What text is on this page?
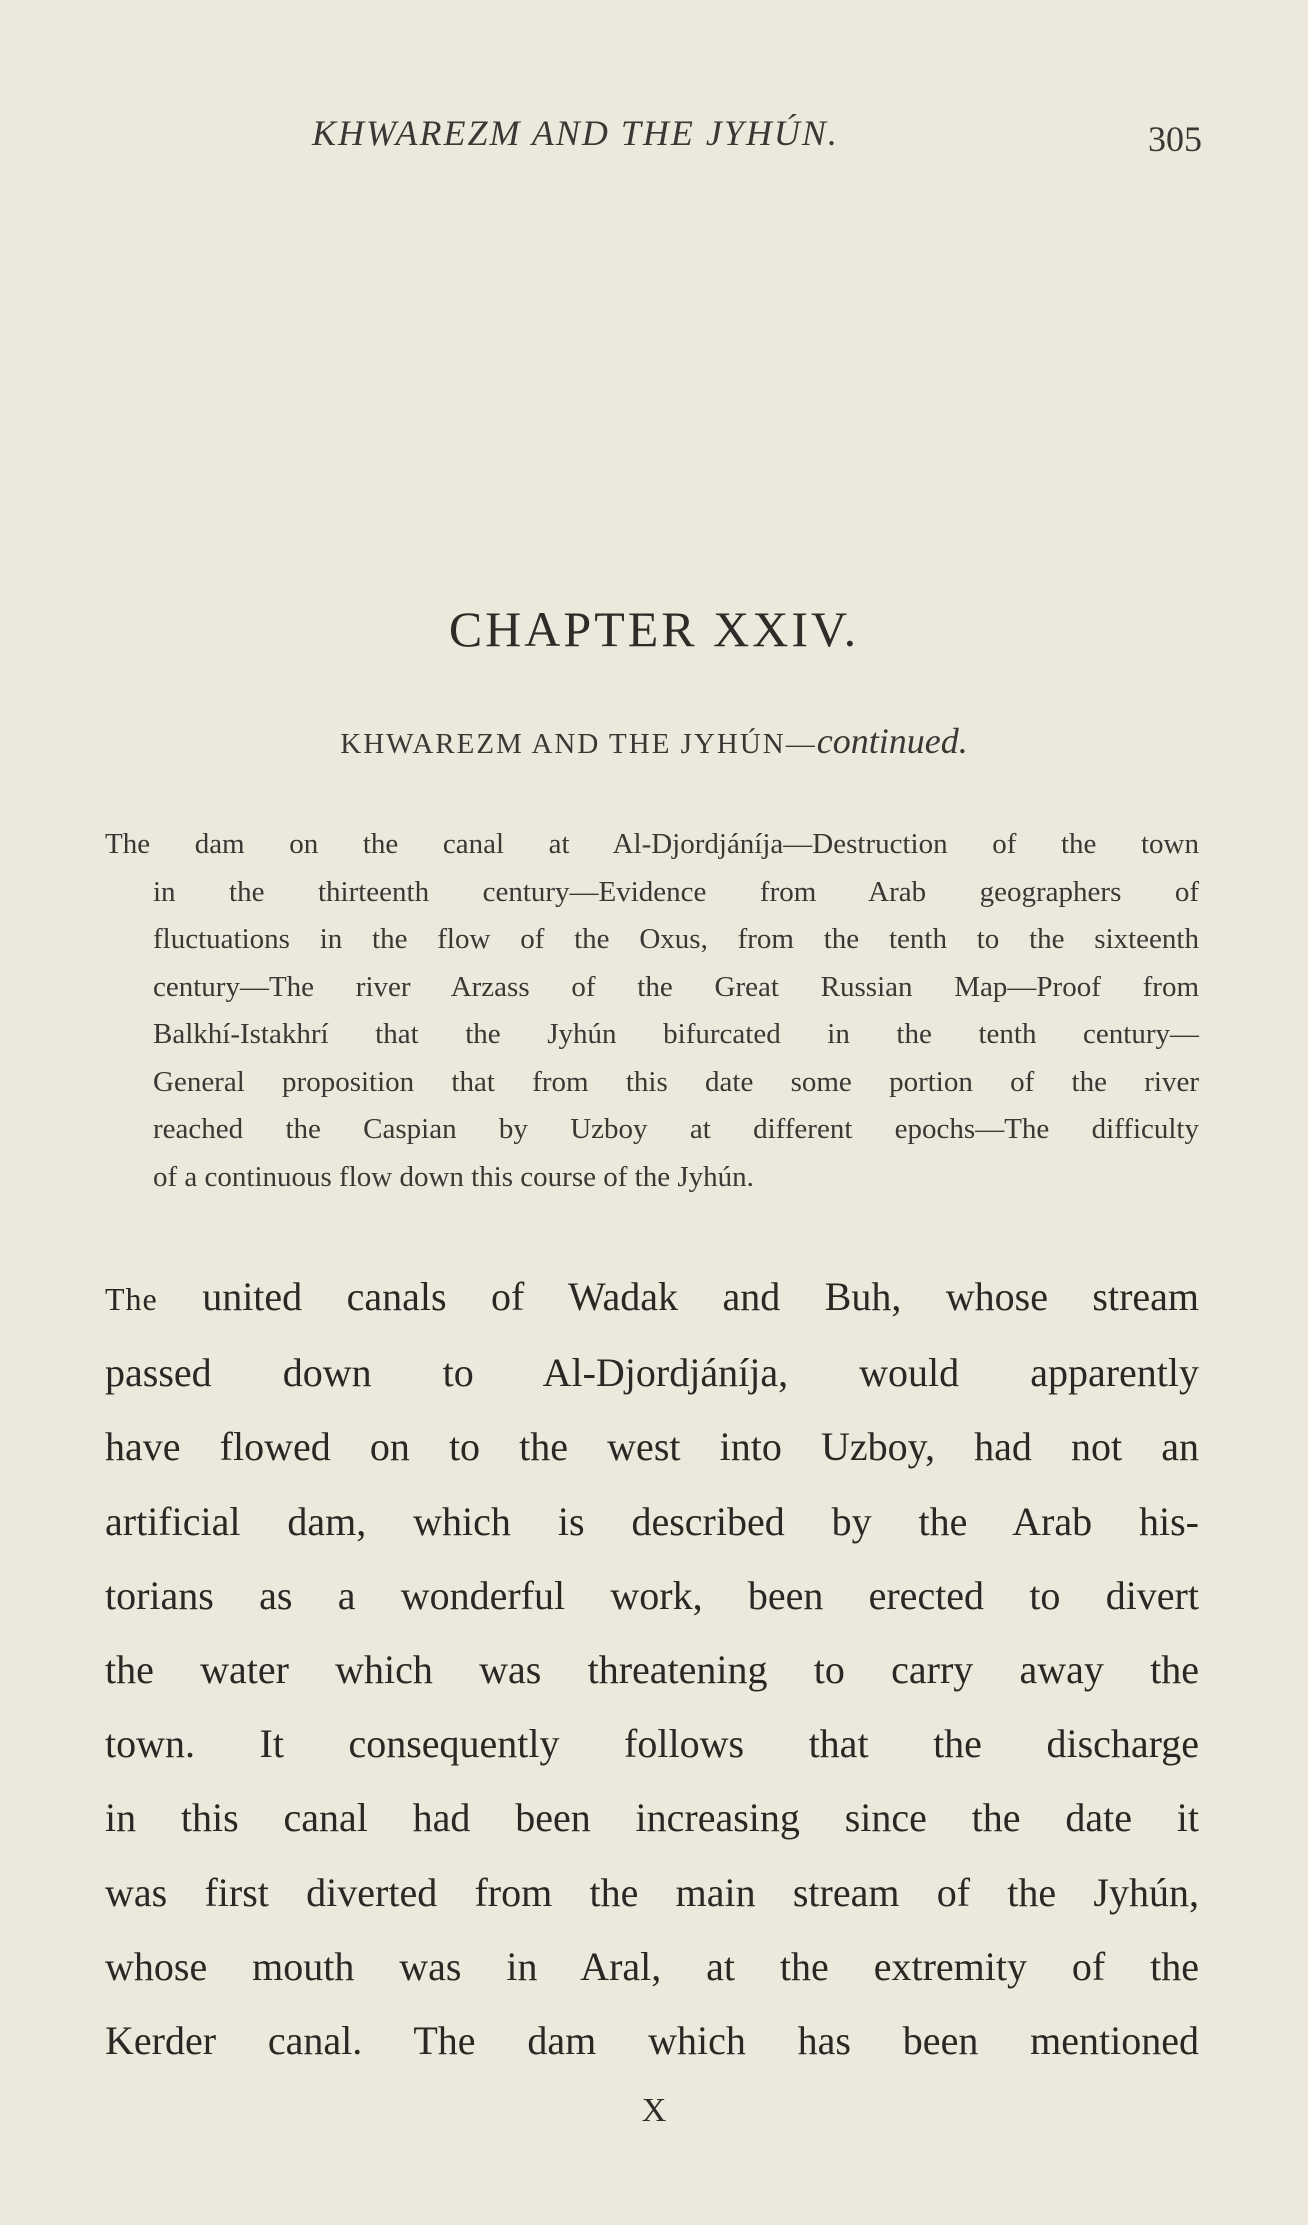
KHWAREZM AND THE JYHÚN.	305
CHAPTER XXIV.
KHWAREZM AND THE JYHÚN—continued.
The dam on the canal at Al-Djordjáníja—Destruction of the town
in the thirteenth century—Evidence from Arab geographers of
fluctuations in the flow of the Oxus, from the tenth to the sixteenth
century—The river Arzass of the Great Russian Map—Proof from
Balkhí-Istakhrí that the Jyhún bifurcated in the tenth century—
General proposition that from this date some portion of the river
reached the Caspian by Uzboy at different epochs—The difficulty
of a continuous flow down this course of the Jyhún.
The united canals of Wadak and Buh, whose stream
passed down to Al-Djordjáníja, would apparently
have flowed on to the west into Uzboy, had not an
artificial dam, which is described by the Arab his-
torians as a wonderful work, been erected to divert
the water which was threatening to carry away the
town. It consequently follows that the discharge
in this canal had been increasing since the date it
was first diverted from the main stream of the Jyhún,
whose mouth was in Aral, at the extremity of the
Kerder canal. The dam which has been mentioned
X
